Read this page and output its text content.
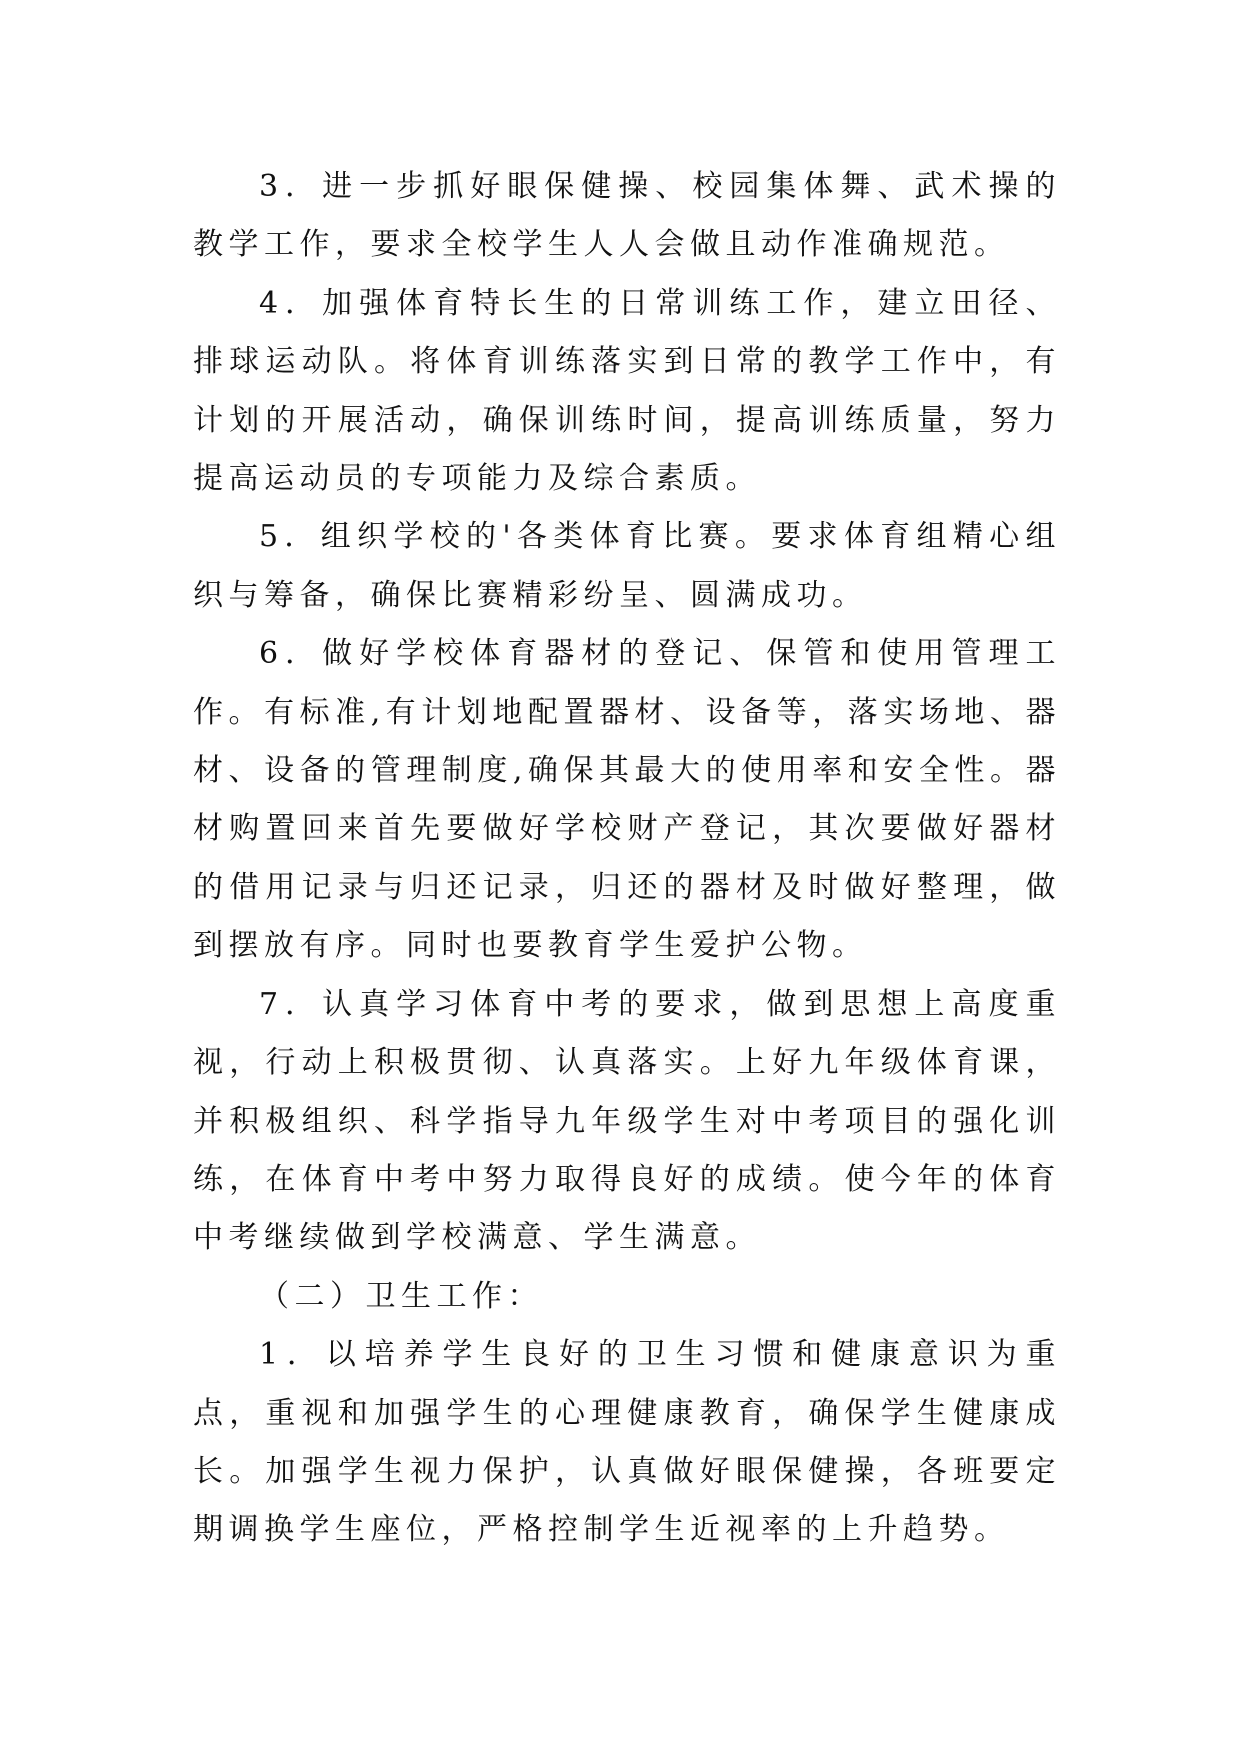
3．进一步抓好眼保健操、校园集体舞、武术操的教学工作，要求全校学生人人会做且动作准确规范。

4．加强体育特长生的日常训练工作，建立田径、排球运动队。将体育训练落实到日常的教学工作中，有计划的开展活动，确保训练时间，提高训练质量，努力提高运动员的专项能力及综合素质。

5．组织学校的'各类体育比赛。要求体育组精心组织与筹备，确保比赛精彩纷呈、圆满成功。

6．做好学校体育器材的登记、保管和使用管理工作。有标准,有计划地配置器材、设备等，落实场地、器材、设备的管理制度,确保其最大的使用率和安全性。器材购置回来首先要做好学校财产登记，其次要做好器材的借用记录与归还记录，归还的器材及时做好整理，做到摆放有序。同时也要教育学生爱护公物。

7．认真学习体育中考的要求，做到思想上高度重视，行动上积极贯彻、认真落实。上好九年级体育课，并积极组织、科学指导九年级学生对中考项目的强化训练，在体育中考中努力取得良好的成绩。使今年的体育中考继续做到学校满意、学生满意。

（二）卫生工作：

1．以培养学生良好的卫生习惯和健康意识为重点，重视和加强学生的心理健康教育，确保学生健康成长。加强学生视力保护，认真做好眼保健操，各班要定期调换学生座位，严格控制学生近视率的上升趋势。
